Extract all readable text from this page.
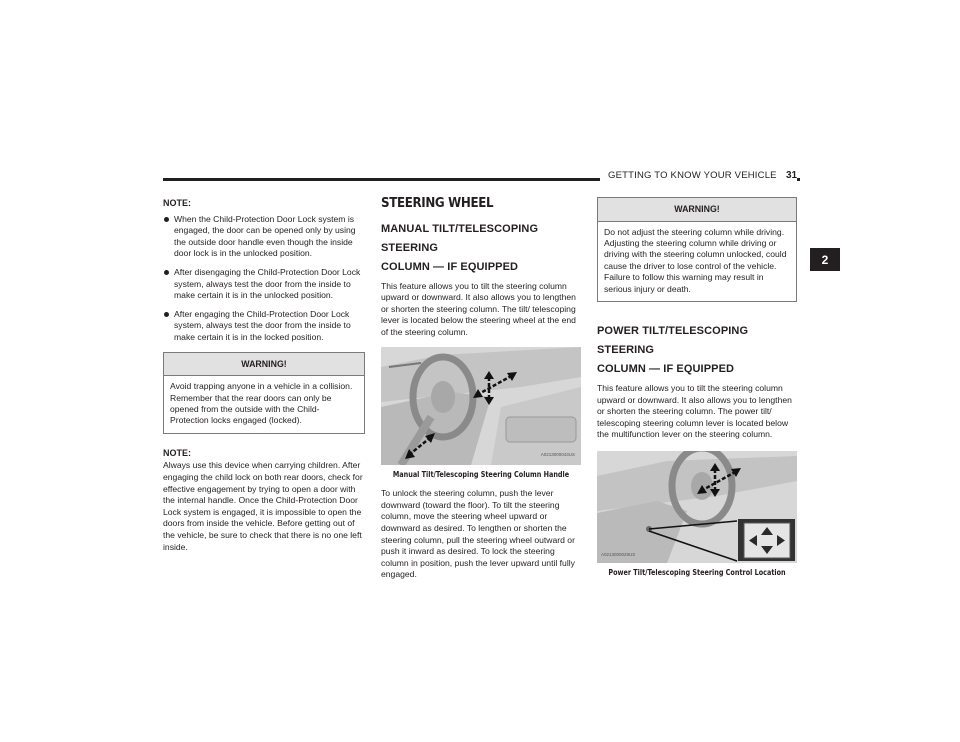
GETTING TO KNOW YOUR VEHICLE 31
2
NOTE:
When the Child-Protection Door Lock system is engaged, the door can be opened only by using the outside door handle even though the inside door lock is in the unlocked position.
After disengaging the Child-Protection Door Lock system, always test the door from the inside to make certain it is in the unlocked position.
After engaging the Child-Protection Door Lock system, always test the door from the inside to make certain it is in the locked position.
WARNING!
Avoid trapping anyone in a vehicle in a collision. Remember that the rear doors can only be opened from the outside with the Child-Protection locks engaged (locked).
NOTE:

Always use this device when carrying children. After engaging the child lock on both rear doors, check for effective engagement by trying to open a door with the internal handle. Once the Child-Protection Door Lock system is engaged, it is impossible to open the doors from inside the vehicle. Before getting out of the vehicle, be sure to check that there is no one left inside.

STEERING WHEEL
MANUAL TILT/TELESCOPING STEERING
COLUMN — IF EQUIPPED

This feature allows you to tilt the steering column upward or downward. It also allows you to lengthen or shorten the steering column. The tilt/ telescoping lever is located below the steering wheel at the end of the steering column.

A0213000043US
Manual Tilt/Telescoping Steering Column Handle

To unlock the steering column, push the lever downward (toward the floor). To tilt the steering column, move the steering wheel upward or downward as desired. To lengthen or shorten the steering column, pull the steering wheel outward or push it inward as desired. To lock the steering column in position, push the lever upward until fully engaged.

WARNING!
Do not adjust the steering column while driving. Adjusting the steering column while driving or driving with the steering column unlocked, could cause the driver to lose control of the vehicle. Failure to follow this warning may result in serious injury or death.
POWER TILT/TELESCOPING STEERING
COLUMN — IF EQUIPPED

This feature allows you to tilt the steering column upward or downward. It also allows you to lengthen or shorten the steering column. The power tilt/ telescoping steering column lever is located below the multifunction lever on the steering column.

A0213000029US
Power Tilt/Telescoping Steering Control Location
